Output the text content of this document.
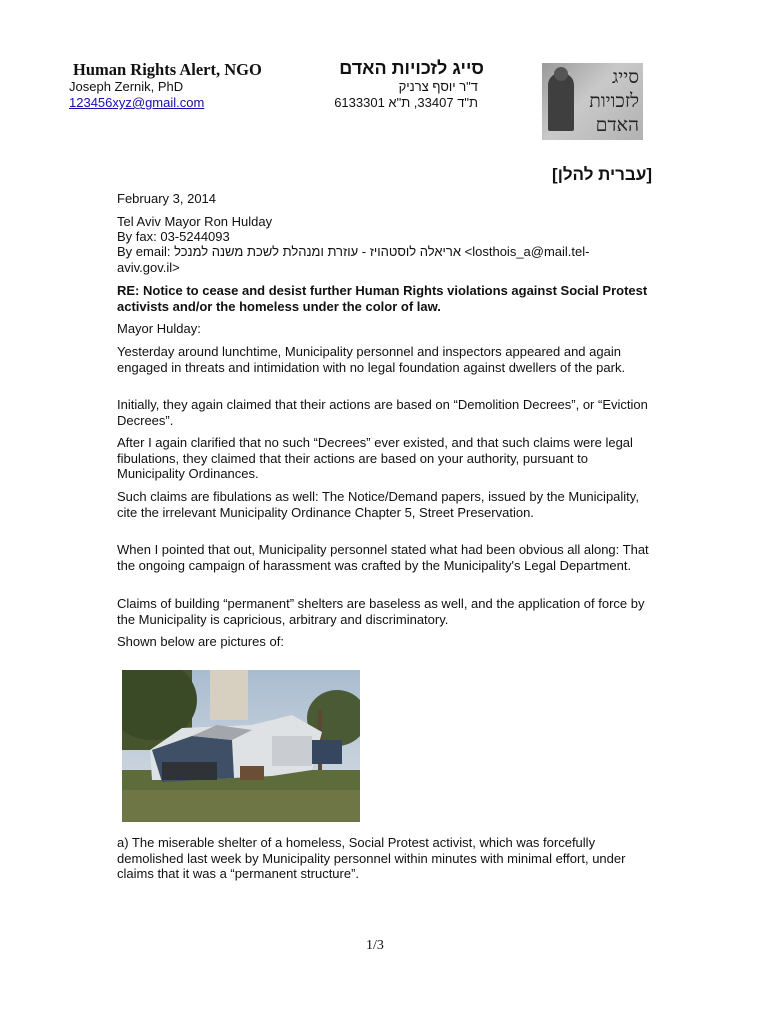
Human Rights Alert, NGO	סייג לזכויות האדם
Joseph Zernik, PhD
123456xyz@gmail.com
ד"ר יוסף צרניק
ת"ד 33407, ת"א 6133301
סייג
לזכויות
האדם
[עברית להלן]
February 3, 2014
Tel Aviv Mayor Ron Hulday
By fax: 03-5244093
By email: אריאלה לוסטהויז - עוזרת ומנהלת לשכת משנה למנכל <losthois_a@mail.tel-
aviv.gov.il>
RE: Notice to cease and desist further Human Rights violations against Social Protest activists and/or the homeless under the color of law.
Mayor Hulday:
Yesterday around lunchtime, Municipality personnel and inspectors appeared and again engaged in threats and intimidation with no legal foundation against dwellers of the park.
Initially, they again claimed that their actions are based on “Demolition Decrees”, or “Eviction Decrees”.
After I again clarified that no such “Decrees” ever existed, and that such claims were legal fibulations, they claimed that their actions are based on your authority, pursuant to Municipality Ordinances.
Such claims are fibulations as well: The Notice/Demand papers, issued by the Municipality, cite the irrelevant Municipality Ordinance Chapter 5, Street Preservation.
When I pointed that out, Municipality personnel stated what had been obvious all along: That the ongoing campaign of harassment was crafted by the Municipality's Legal Department.
Claims of building “permanent” shelters are baseless as well, and the application of force by the Municipality is capricious, arbitrary and discriminatory.
Shown below are pictures of:
a) The miserable shelter of a homeless, Social Protest activist, which was forcefully demolished last week by Municipality personnel within minutes with minimal effort, under claims that it was a “permanent structure”.
1/3
